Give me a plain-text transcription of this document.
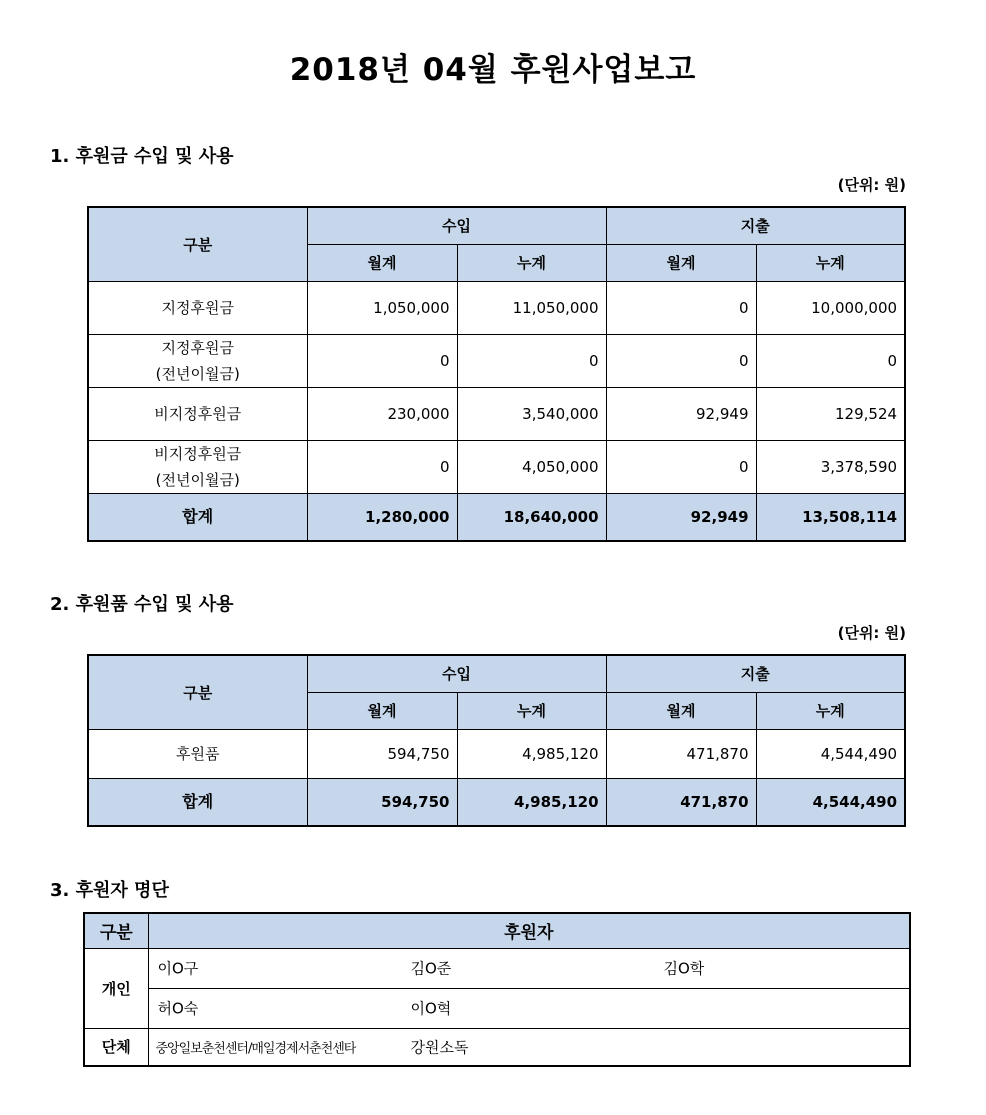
2018년 04월 후원사업보고
1. 후원금 수입 및 사용
(단위: 원)
구분	수입		지출	
	월계	누계	월계	누계

지정후원금	1,050,000	11,050,000	0	10,000,000

지정후원금
(전년이월금)	0	0	0	0

비지정후원금	230,000	3,540,000	92,949	129,524

비지정후원금
(전년이월금)	0	4,050,000	0	3,378,590
합계	1,280,000	18,640,000	92,949	13,508,114
2. 후원품 수입 및 사용
(단위: 원)
구분	수입		지출	
	월계	누계	월계	누계
후원품	594,750	4,985,120	471,870	4,544,490
합계	594,750	4,985,120	471,870	4,544,490
3. 후원자 명단
구분	후원자
개인	이O구 김O준 김O학

	허O숙 이O혁

단체	중앙일보춘천센터/매일경제서춘천센타 강원소독
